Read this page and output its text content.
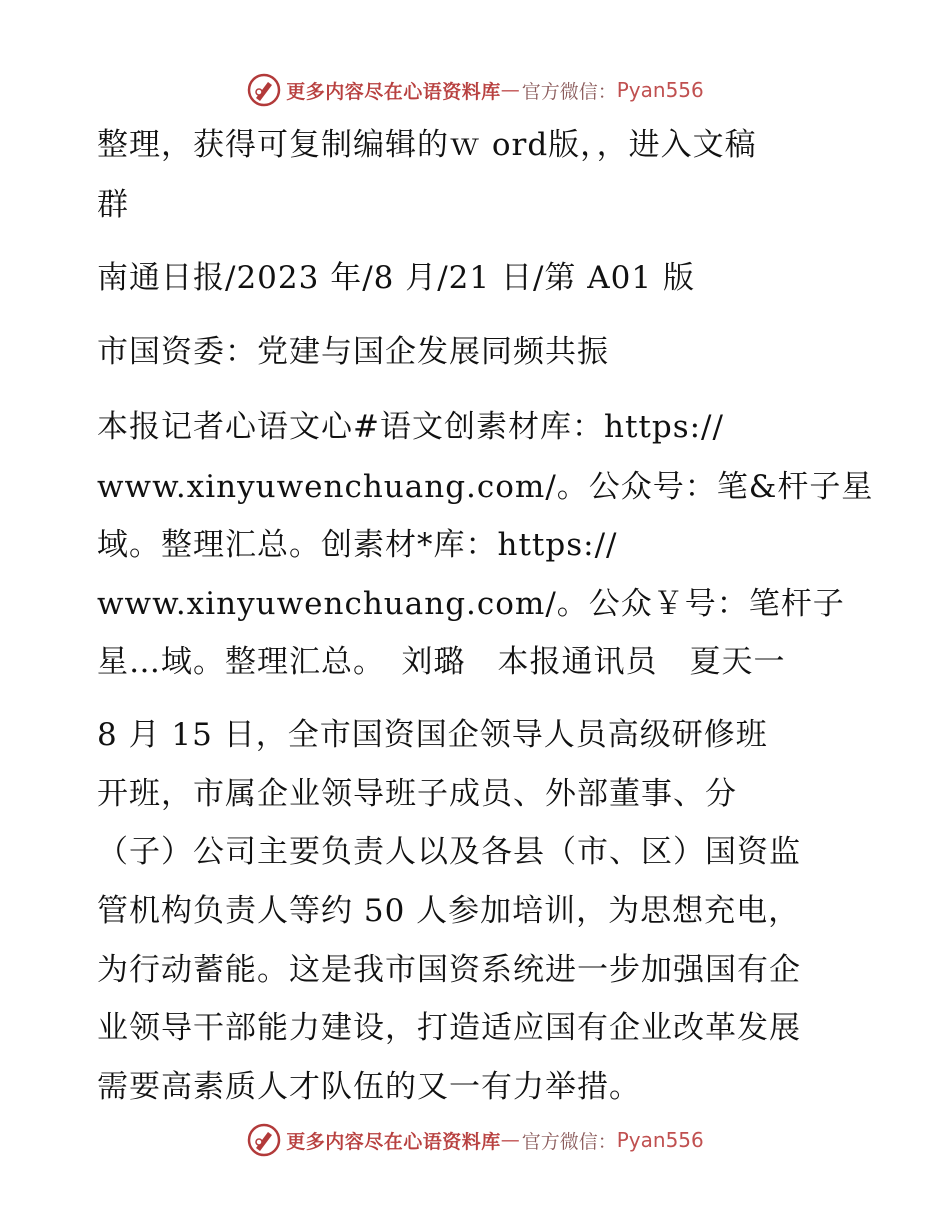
更多内容尽在心语资料库 — 官方微信： Pyan556
整理，获得可复制编辑的ｗ ord版，，进入文稿
群
南通日报/2023 年/8 月/21 日/第 A01 版
市国资委：党建与国企发展同频共振
本报记者心语文心#语文创素材库：https://
www.xinyuwenchuang.com/。公众号：笔&杆子星
域。整理汇总。创素材*库：https://
www.xinyuwenchuang.com/。公众￥号：笔杆子
星…域。整理汇总。　刘璐　本报通讯员　夏天一
8 月 15 日，全市国资国企领导人员高级研修班
开班，市属企业领导班子成员、外部董事、分
（子）公司主要负责人以及各县（市、区）国资监
管机构负责人等约 50 人参加培训，为思想充电，
为行动蓄能。这是我市国资系统进一步加强国有企
业领导干部能力建设，打造适应国有企业改革发展
需要高素质人才队伍的又一有力举措。
更多内容尽在心语资料库 — 官方微信： Pyan556
